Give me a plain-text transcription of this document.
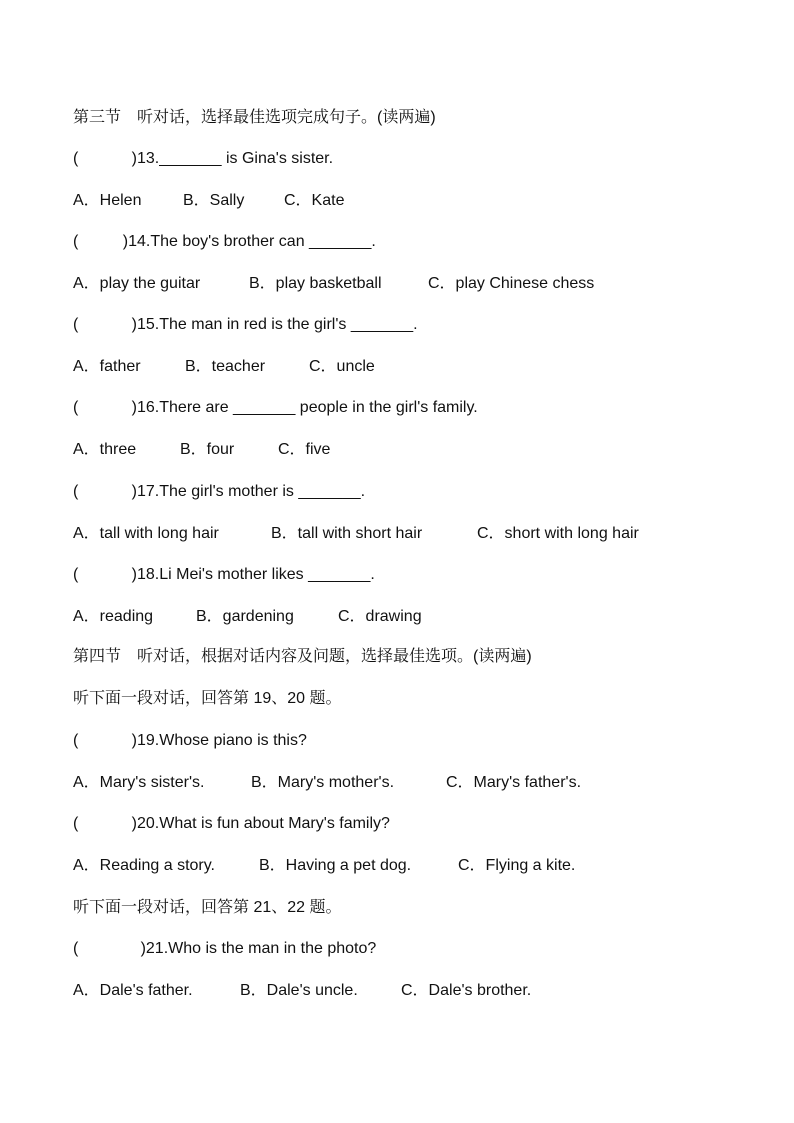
第三节　听对话，选择最佳选项完成句子。(读两遍)
(            )13._______ is Gina's sister.

A．Helen

	B．Sally

C．Kate

(          )14.The boy's brother can _______.

A．play the guitar

	B．play basketball

	C．play Chinese chess

(            )15.The man in red is the girl's _______.

A．father

	B．teacher

	C．uncle

(            )16.There are _______ people in the girl's family.

A．three

	B．four

	C．five

(            )17.The girl's mother is _______.

A．tall with long hair

	B．tall with short hair

	C．short with long hair

(            )18.Li Mei's mother likes _______.

A．reading

	B．gardening

	C．drawing

第四节　听对话，根据对话内容及问题，选择最佳选项。(读两遍)
听下面一段对话，回答第 19、20 题。
(            )19.Whose piano is this?

A．Mary's sister's.

	B．Mary's mother's.

	C．Mary's father's.

(            )20.What is fun about Mary's family?

A．Reading a story.

	B．Having a pet dog.

	C．Flying a kite.

听下面一段对话，回答第 21、22 题。
(              )21.Who is the man in the photo?

A．Dale's father.

	B．Dale's uncle.

	C．Dale's brother.
